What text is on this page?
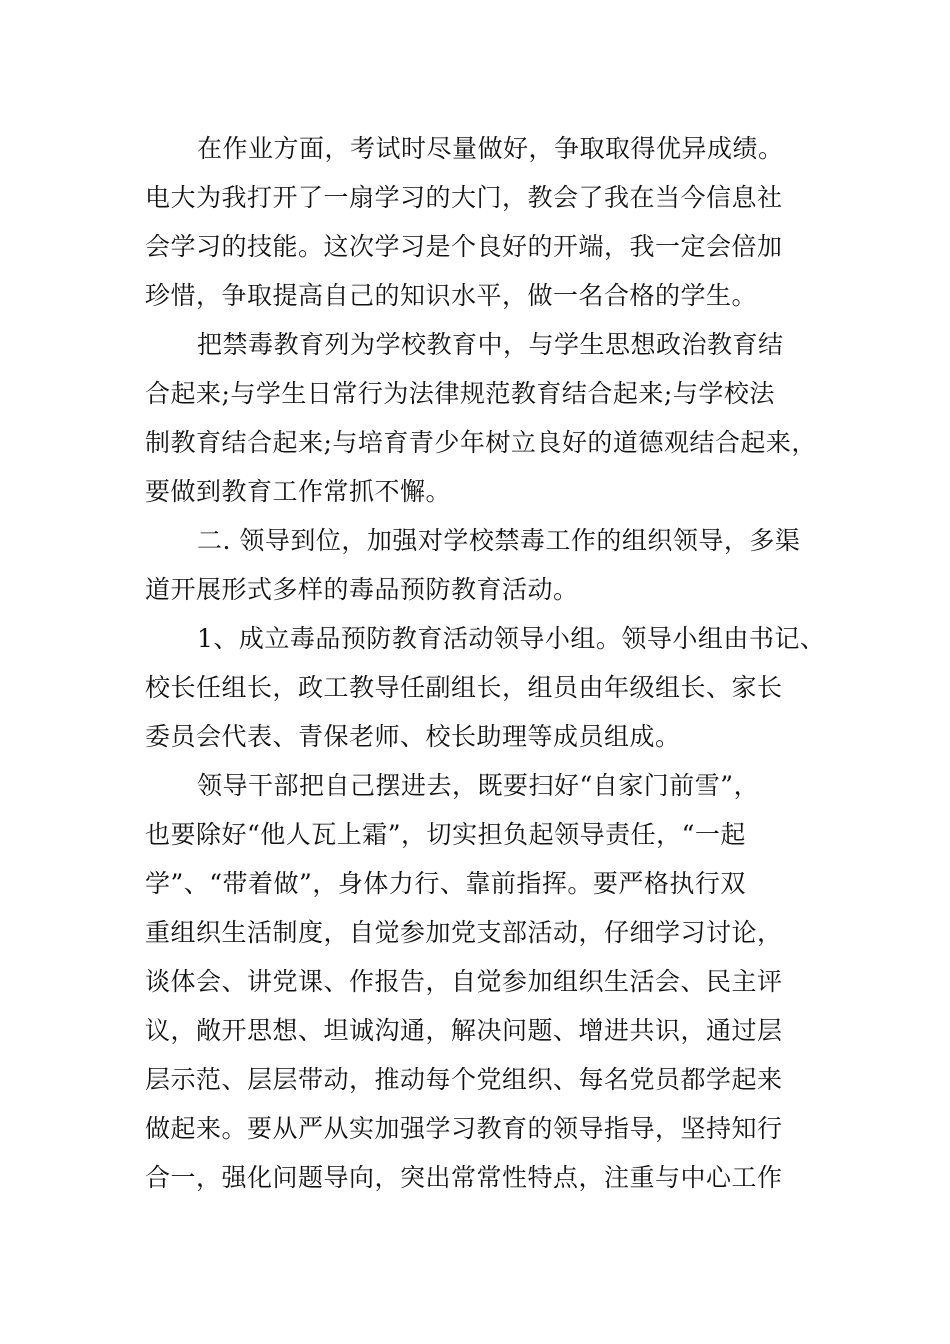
在作业方面，考试时尽量做好，争取取得优异成绩。
电大为我打开了一扇学习的大门，教会了我在当今信息社
会学习的技能。这次学习是个良好的开端，我一定会倍加
珍惜，争取提高自己的知识水平，做一名合格的学生。
把禁毒教育列为学校教育中，与学生思想政治教育结
合起来;与学生日常行为法律规范教育结合起来;与学校法
制教育结合起来;与培育青少年树立良好的道德观结合起来，
要做到教育工作常抓不懈。
二. 领导到位，加强对学校禁毒工作的组织领导，多渠
道开展形式多样的毒品预防教育活动。
1、成立毒品预防教育活动领导小组。领导小组由书记、
校长任组长，政工教导任副组长，组员由年级组长、家长
委员会代表、青保老师、校长助理等成员组成。
领导干部把自己摆进去，既要扫好“自家门前雪”，
也要除好“他人瓦上霜”，切实担负起领导责任，“一起
学”、“带着做”，身体力行、靠前指挥。要严格执行双
重组织生活制度，自觉参加党支部活动，仔细学习讨论，
谈体会、讲党课、作报告，自觉参加组织生活会、民主评
议，敞开思想、坦诚沟通，解决问题、增进共识，通过层
层示范、层层带动，推动每个党组织、每名党员都学起来
做起来。要从严从实加强学习教育的领导指导，坚持知行
合一，强化问题导向，突出常常性特点，注重与中心工作
